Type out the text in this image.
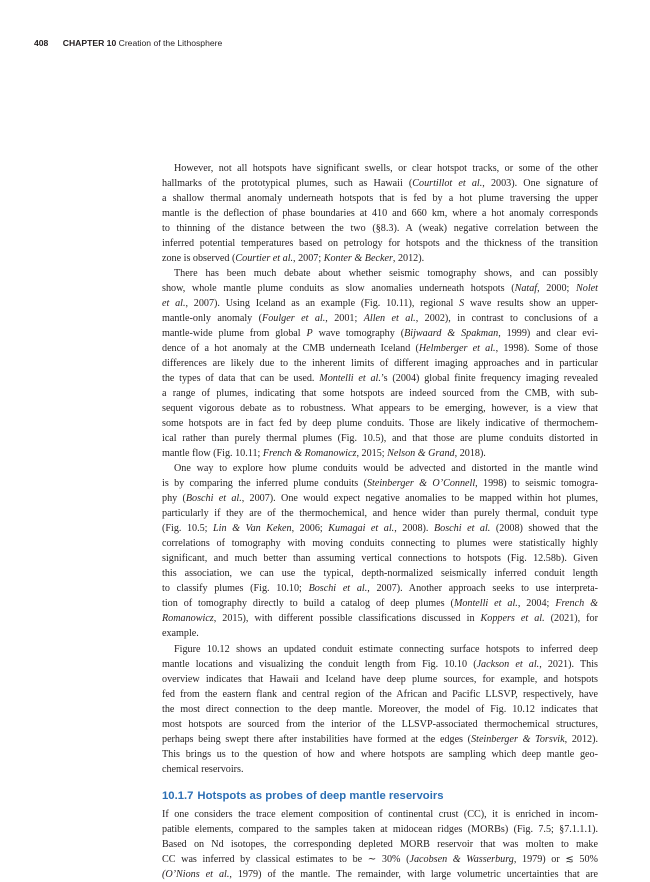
408 CHAPTER 10 Creation of the Lithosphere
However, not all hotspots have significant swells, or clear hotspot tracks, or some of the other
hallmarks of the prototypical plumes, such as Hawaii (Courtillot et al., 2003). One signature of
a shallow thermal anomaly underneath hotspots that is fed by a hot plume traversing the upper
mantle is the deflection of phase boundaries at 410 and 660 km, where a hot anomaly corresponds
to thinning of the distance between the two (§8.3). A (weak) negative correlation between the
inferred potential temperatures based on petrology for hotspots and the thickness of the transition
zone is observed (Courtier et al., 2007; Konter & Becker, 2012).
There has been much debate about whether seismic tomography shows, and can possibly
show, whole mantle plume conduits as slow anomalies underneath hotspots (Nataf, 2000; Nolet
et al., 2007). Using Iceland as an example (Fig. 10.11), regional S wave results show an upper-
mantle-only anomaly (Foulger et al., 2001; Allen et al., 2002), in contrast to conclusions of a
mantle-wide plume from global P wave tomography (Bijwaard & Spakman, 1999) and clear evi-
dence of a hot anomaly at the CMB underneath Iceland (Helmberger et al., 1998). Some of those
differences are likely due to the inherent limits of different imaging approaches and in particular
the types of data that can be used. Montelli et al.’s (2004) global finite frequency imaging revealed
a range of plumes, indicating that some hotspots are indeed sourced from the CMB, with sub-
sequent vigorous debate as to robustness. What appears to be emerging, however, is a view that
some hotspots are in fact fed by deep plume conduits. Those are likely indicative of thermochem-
ical rather than purely thermal plumes (Fig. 10.5), and that those are plume conduits distorted in
mantle flow (Fig. 10.11; French & Romanowicz, 2015; Nelson & Grand, 2018).
One way to explore how plume conduits would be advected and distorted in the mantle wind
is by comparing the inferred plume conduits (Steinberger & O’Connell, 1998) to seismic tomogra-
phy (Boschi et al., 2007). One would expect negative anomalies to be mapped within hot plumes,
particularly if they are of the thermochemical, and hence wider than purely thermal, conduit type
(Fig. 10.5; Lin & Van Keken, 2006; Kumagai et al., 2008). Boschi et al. (2008) showed that the
correlations of tomography with moving conduits connecting to plumes were statistically highly
significant, and much better than assuming vertical connections to hotspots (Fig. 12.58b). Given
this association, we can use the typical, depth-normalized seismically inferred conduit length
to classify plumes (Fig. 10.10; Boschi et al., 2007). Another approach seeks to use interpreta-
tion of tomography directly to build a catalog of deep plumes (Montelli et al., 2004; French &
Romanowicz, 2015), with different possible classifications discussed in Koppers et al. (2021), for
example.
Figure 10.12 shows an updated conduit estimate connecting surface hotspots to inferred deep
mantle locations and visualizing the conduit length from Fig. 10.10 (Jackson et al., 2021). This
overview indicates that Hawaii and Iceland have deep plume sources, for example, and hotspots
fed from the eastern flank and central region of the African and Pacific LLSVP, respectively, have
the most direct connection to the deep mantle. Moreover, the model of Fig. 10.12 indicates that
most hotspots are sourced from the interior of the LLSVP-associated thermochemical structures,
perhaps being swept there after instabilities have formed at the edges (Steinberger & Torsvik, 2012).
This brings us to the question of how and where hotspots are sampling which deep mantle geo-
chemical reservoirs.
10.1.7 Hotspots as probes of deep mantle reservoirs
If one considers the trace element composition of continental crust (CC), it is enriched in incom-
patible elements, compared to the samples taken at midocean ridges (MORBs) (Fig. 7.5; §7.1.1.1).
Based on Nd isotopes, the corresponding depleted MORB reservoir that was molten to make
CC was inferred by classical estimates to be ∼ 30% (Jacobsen & Wasserburg, 1979) or ≲ 50%
(O’Nions et al., 1979) of the mantle. The remainder, with large volumetric uncertainties that are
